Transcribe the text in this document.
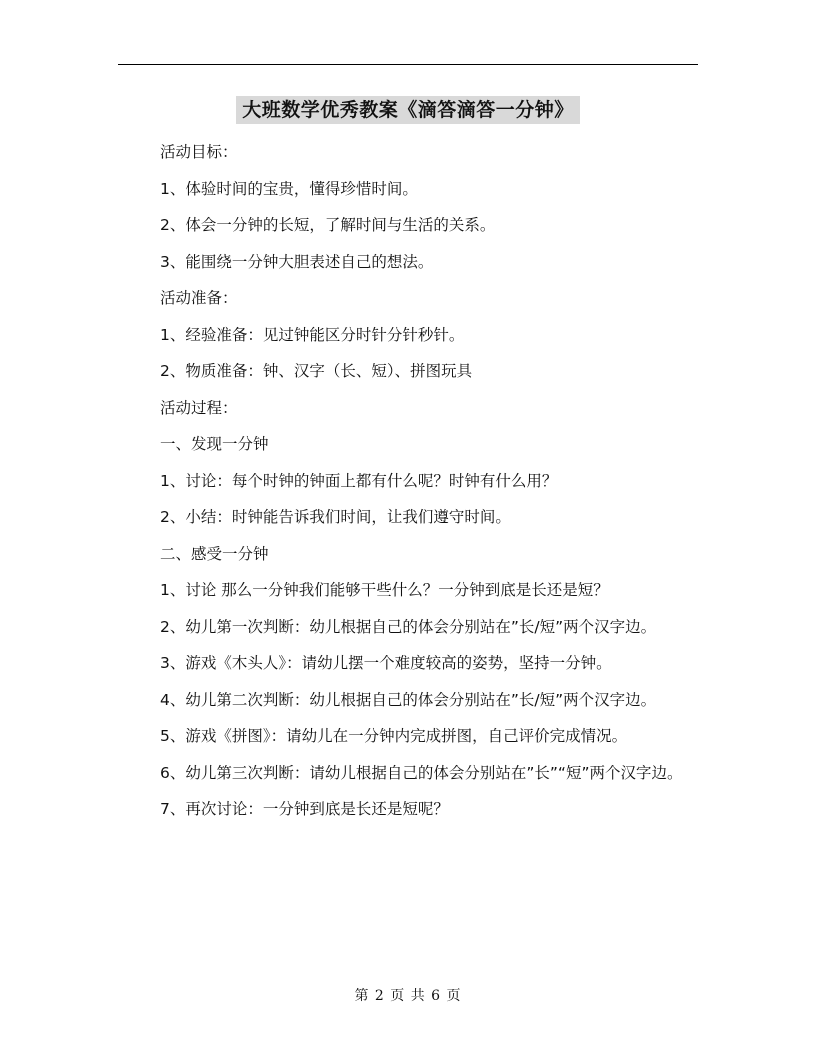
大班数学优秀教案《滴答滴答一分钟》

活动目标：

1、体验时间的宝贵，懂得珍惜时间。

2、体会一分钟的长短，了解时间与生活的关系。

3、能围绕一分钟大胆表述自己的想法。

活动准备：

1、经验准备：见过钟能区分时针分针秒针。

2、物质准备：钟、汉字（长、短）、拼图玩具

活动过程：

一、发现一分钟

1、讨论：每个时钟的钟面上都有什么呢？时钟有什么用？

2、小结：时钟能告诉我们时间，让我们遵守时间。

二、感受一分钟

1、讨论 那么一分钟我们能够干些什么？一分钟到底是长还是短？

2、幼儿第一次判断：幼儿根据自己的体会分别站在”长/短”两个汉字边。

3、游戏《木头人》：请幼儿摆一个难度较高的姿势，坚持一分钟。

4、幼儿第二次判断：幼儿根据自己的体会分别站在”长/短”两个汉字边。

5、游戏《拼图》：请幼儿在一分钟内完成拼图，自己评价完成情况。

6、幼儿第三次判断：请幼儿根据自己的体会分别站在”长”“短”两个汉字边。

7、再次讨论：一分钟到底是长还是短呢？

第 2 页 共 6 页
